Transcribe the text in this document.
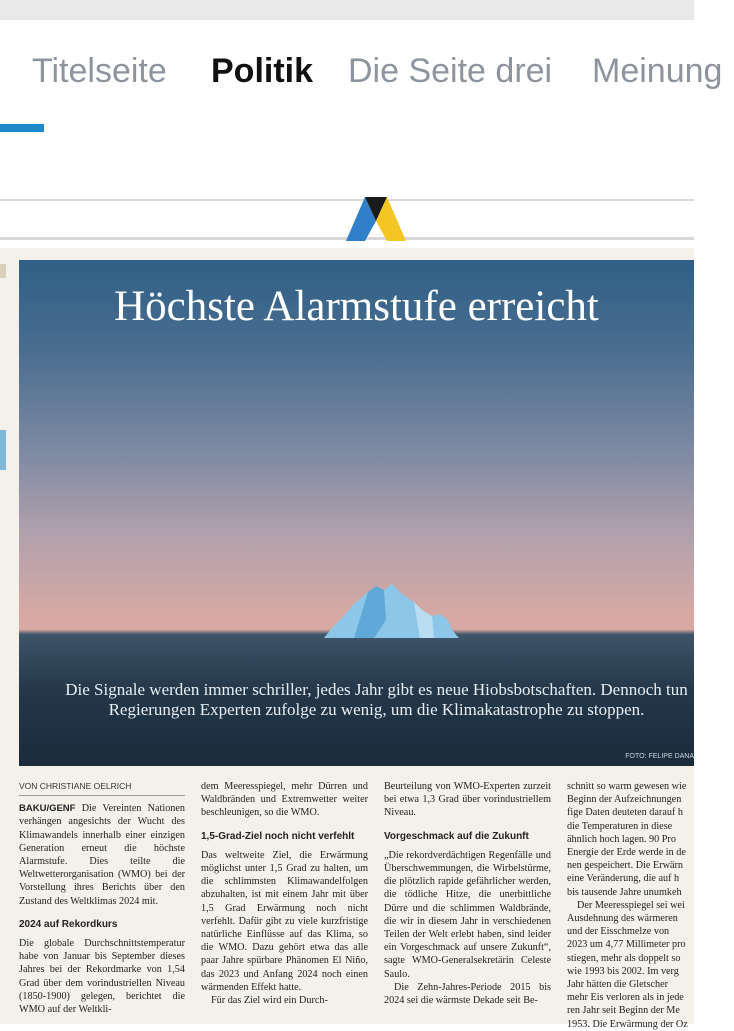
Titelseite Politik Die Seite drei Meinung
Höchste Alarmstufe erreicht
Die Signale werden immer schriller, jedes Jahr gibt es neue Hiobsbotschaften. Dennoch tun
Regierungen Experten zufolge zu wenig, um die Klimakatastrophe zu stoppen.
FOTO: FELIPE DANA
VON CHRISTIANE OELRICH

BAKU/GENF Die Vereinten Nationen verhängen angesichts der Wucht des Klimawandels innerhalb einer einzigen Generation erneut die höchste Alarmstufe. Dies teilte die Weltwetterorganisation (WMO) bei der Vorstellung ihres Berichts über den Zustand des Weltklimas 2024 mit.

2024 auf Rekordkurs

Die globale Durchschnittstemperatur habe von Januar bis September dieses Jahres bei der Rekordmarke von 1,54 Grad über dem vorindustriellen Niveau (1850-1900) gelegen, berichtet die WMO auf der Weltkli-

dem Meeresspiegel, mehr Dürren und Waldbränden und Extremwetter weiter beschleunigen, so die WMO.

1,5-Grad-Ziel noch nicht verfehlt

Das weltweite Ziel, die Erwärmung möglichst unter 1,5 Grad zu halten, um die schlimmsten Klimawandelfolgen abzuhalten, ist mit einem Jahr mit über 1,5 Grad Erwärmung noch nicht verfehlt. Dafür gibt zu viele kurzfristige natürliche Einflüsse auf das Klima, so die WMO. Dazu gehört etwa das alle paar Jahre spürbare Phänomen El Niño, das 2023 und Anfang 2024 noch einen wärmenden Effekt hatte.

Für das Ziel wird ein Durch-

Beurteilung von WMO-Experten zurzeit bei etwa 1,3 Grad über vorindustriellem Niveau.

Vorgeschmack auf die Zukunft

„Die rekordverdächtigen Regenfälle und Überschwemmungen, die Wirbelstürme, die plötzlich rapide gefährlicher werden, die tödliche Hitze, die unerbittliche Dürre und die schlimmen Waldbrände, die wir in diesem Jahr in verschiedenen Teilen der Welt erlebt haben, sind leider ein Vorgeschmack auf unsere Zukunft“, sagte WMO-Generalsekretärin Celeste Saulo.

Die Zehn-Jahres-Periode 2015 bis 2024 sei die wärmste Dekade seit Be-

schnitt so warm gewesen wie
Beginn der Aufzeichnungen
fige Daten deuteten darauf h
die Temperaturen in diese
ähnlich hoch lagen. 90 Pro
Energie der Erde werde in de
nen gespeichert. Die Erwärn
eine Veränderung, die auf h
bis tausende Jahre unumkeh
Der Meeresspiegel sei wei
Ausdehnung des wärmeren
und der Eisschmelze von
2023 um 4,77 Millimeter pro
stiegen, mehr als doppelt so
wie 1993 bis 2002. Im verg
Jahr hätten die Gletscher
mehr Eis verloren als in jede
ren Jahr seit Beginn der Me
1953. Die Erwärmung der Oz
